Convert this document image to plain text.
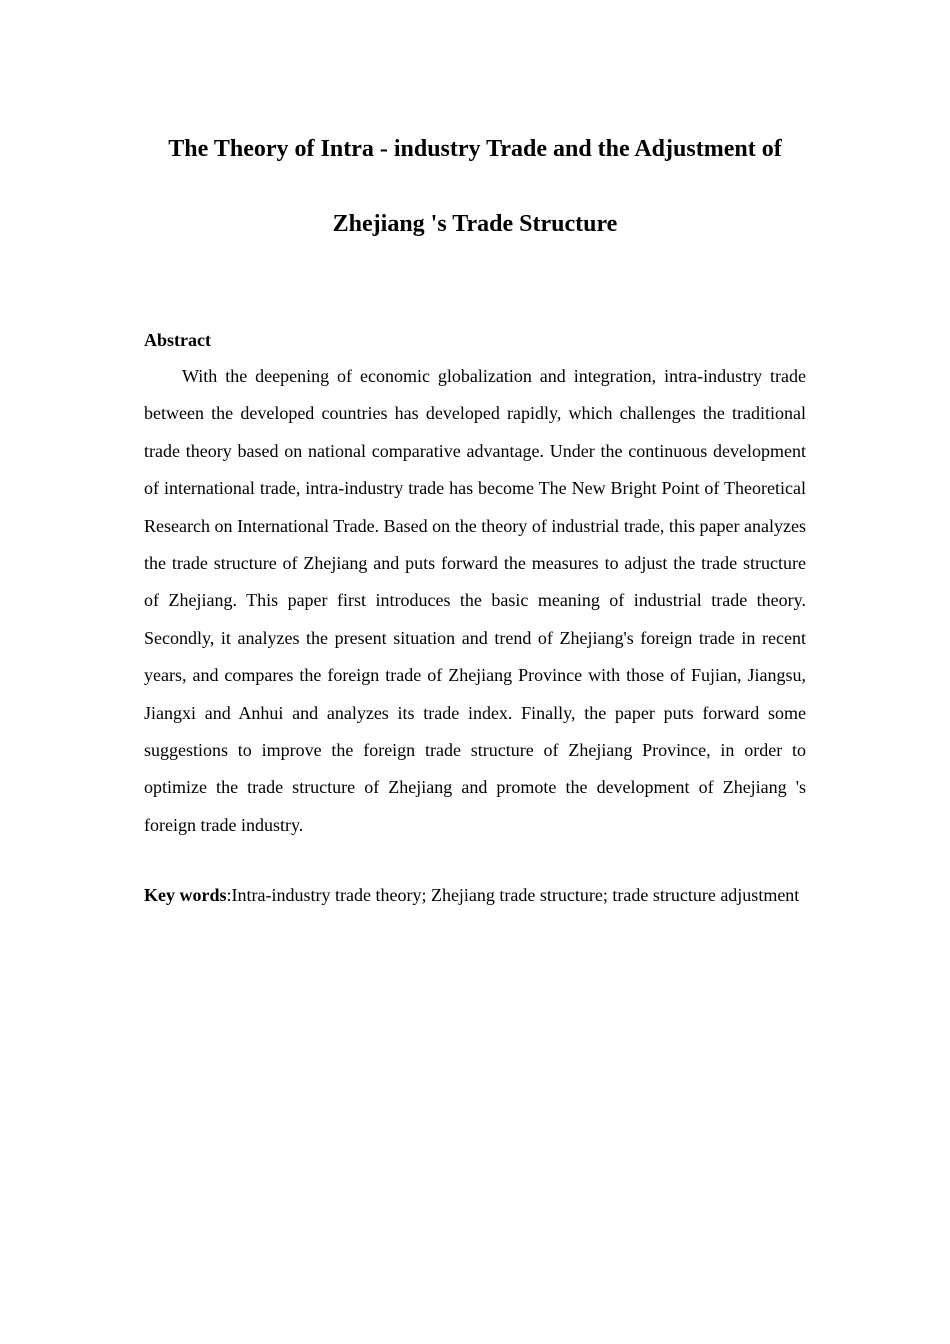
The Theory of Intra - industry Trade and the Adjustment of
Zhejiang 's Trade Structure
Abstract

With the deepening of economic globalization and integration, intra-industry trade between the developed countries has developed rapidly, which challenges the traditional trade theory based on national comparative advantage. Under the continuous development of international trade, intra-industry trade has become The New Bright Point of Theoretical Research on International Trade. Based on the theory of industrial trade, this paper analyzes the trade structure of Zhejiang and puts forward the measures to adjust the trade structure of Zhejiang. This paper first introduces the basic meaning of industrial trade theory. Secondly, it analyzes the present situation and trend of Zhejiang's foreign trade in recent years, and compares the foreign trade of Zhejiang Province with those of Fujian, Jiangsu, Jiangxi and Anhui and analyzes its trade index. Finally, the paper puts forward some suggestions to improve the foreign trade structure of Zhejiang Province, in order to optimize the trade structure of Zhejiang and promote the development of Zhejiang 's foreign trade industry.

Key words:Intra-industry trade theory; Zhejiang trade structure; trade structure adjustment
